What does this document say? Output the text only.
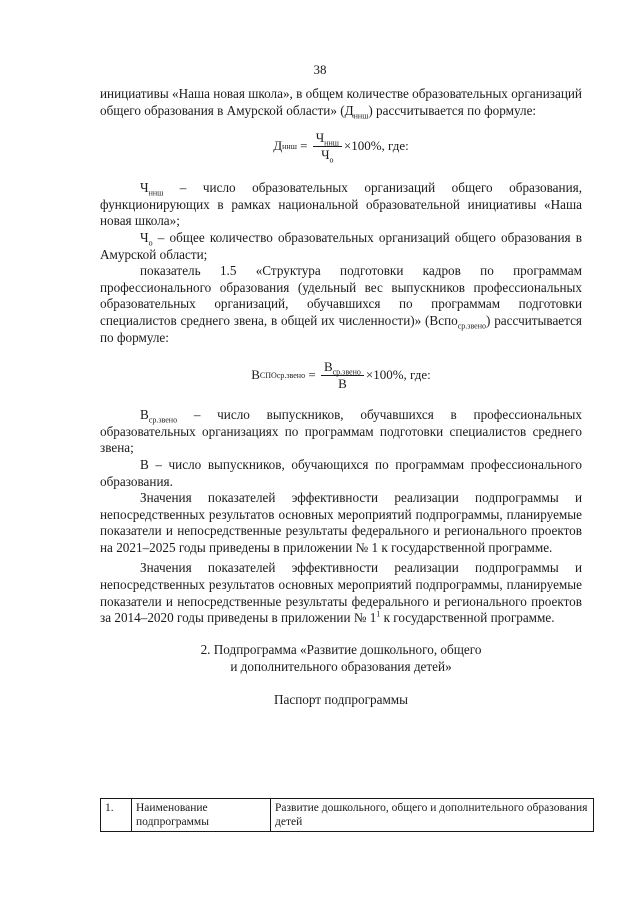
38

инициативы «Наша новая школа», в общем количестве образовательных организаций общего образования в Амурской области» $(Д_{ннш})$ рассчитывается по формуле:

Д ннш = $\frac{Ч_{ннш}}{Ч_о} \times 100\%$, где:

$Ч_{ннш}$ – число образовательных организаций общего образования, функционирующих в рамках национальной образовательной инициативы «Наша новая школа»;

$Ч_о$ – общее количество образовательных организаций общего образования в Амурской области;

показатель 1.5 «Структура подготовки кадров по программам профессионального образования (удельный вес выпускников профессиональных образовательных организаций, обучавшихся по программам подготовки специалистов среднего звена, в общей их численности)» (Вспо$_{ср.звено}$) рассчитывается по формуле:

В СПОср.звено = $\frac{В_{ср.звено}}{В} \times 100\%$, где:

$В_{ср.звено}$ – число выпускников, обучавшихся в профессиональных образовательных организациях по программам подготовки специалистов среднего звена;

В – число выпускников, обучающихся по программам профессионального образования.

Значения показателей эффективности реализации подпрограммы и непосредственных результатов основных мероприятий подпрограммы, планируемые показатели и непосредственные результаты федерального и регионального проектов на 2021–2025 годы приведены в приложении № 1 к государственной программе.

Значения показателей эффективности реализации подпрограммы и непосредственных результатов основных мероприятий подпрограммы, планируемые показатели и непосредственные результаты федерального и регионального проектов за 2014–2020 годы приведены в приложении № $1^1$ к государственной программе.

2. Подпрограмма «Развитие дошкольного, общего
и дополнительного образования детей»
Паспорт подпрограммы
1.	Наименование подпрограммы	Развитие дошкольного, общего и дополнительного образования детей
